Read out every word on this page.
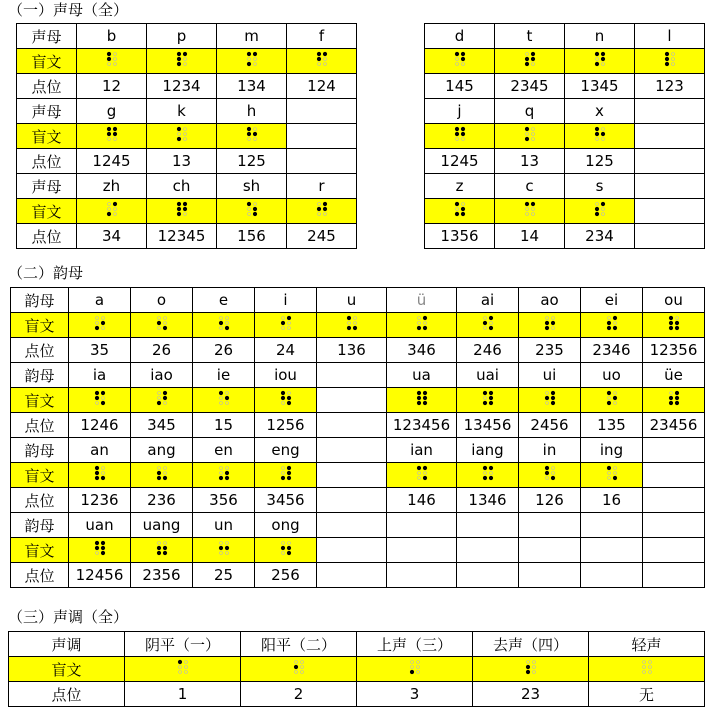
（一）声母（全）
声母	b	p	m	f		d	t	n	l
盲文									
点位	12	1234	134	124		145	2345	1345	123
声母	g	k	h			j	q	x	
盲文									
点位	1245	13	125			1245	13	125	
声母	zh	ch	sh	r		z	c	s	
盲文									
点位	34	12345	156	245		1356	14	234	
（二）韵母
韵母	a	o	e	i	u	ü	ai	ao	ei	ou
盲文										
点位	35	26	26	24	136	346	246	235	2346	12356
韵母	ia	iao	ie	iou		ua	uai	ui	uo	üe
盲文										
点位	1246	345	15	1256		123456	13456	2456	135	23456
韵母	an	ang	en	eng		ian	iang	in	ing	
盲文										
点位	1236	236	356	3456		146	1346	126	16	
韵母	uan	uang	un	ong						
盲文										
点位	12456	2356	25	256						
（三）声调（全）
声调	阴平（一）	阳平（二）	上声（三）	去声（四）	轻声
盲文					
点位	1	2	3	23	无
